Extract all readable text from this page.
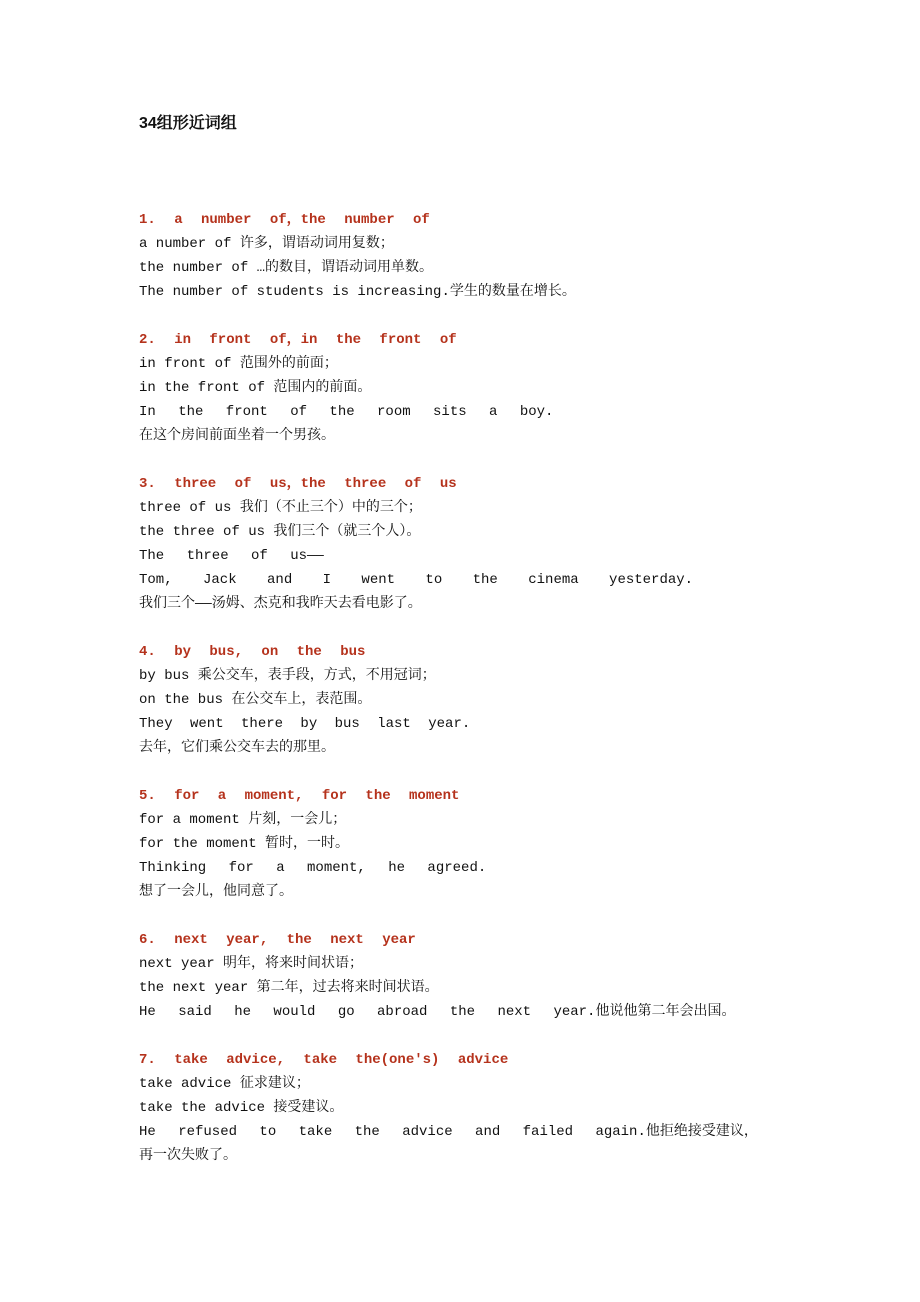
34组形近词组
1. a number of，the number of
a number of 许多，谓语动词用复数；
the number of …的数目，谓语动词用单数。
The number of students is increasing.学生的数量在增长。
2. in front of，in the front of
in front of 范围外的前面；
in the front of 范围内的前面。
In the front of the room sits a boy.
在这个房间前面坐着一个男孩。
3. three of us，the three of us
three of us 我们（不止三个）中的三个；
the three of us 我们三个（就三个人）。
The three of us——
Tom, Jack and I went to the cinema yesterday.
我们三个——汤姆、杰克和我昨天去看电影了。
4. by bus, on the bus
by bus 乘公交车，表手段，方式，不用冠词；
on the bus 在公交车上，表范围。
They went there by bus last year.
去年，它们乘公交车去的那里。
5. for a moment, for the moment
for a moment 片刻，一会儿；
for the moment 暂时，一时。
Thinking for a moment, he agreed.
想了一会儿，他同意了。
6. next year, the next year
next year 明年，将来时间状语；
the next year 第二年，过去将来时间状语。
He said he would go abroad the next year.他说他第二年会出国。
7. take advice, take the(one's) advice
take advice 征求建议；
take the advice 接受建议。
He refused to take the advice and failed again.他拒绝接受建议，再一次失败了。
